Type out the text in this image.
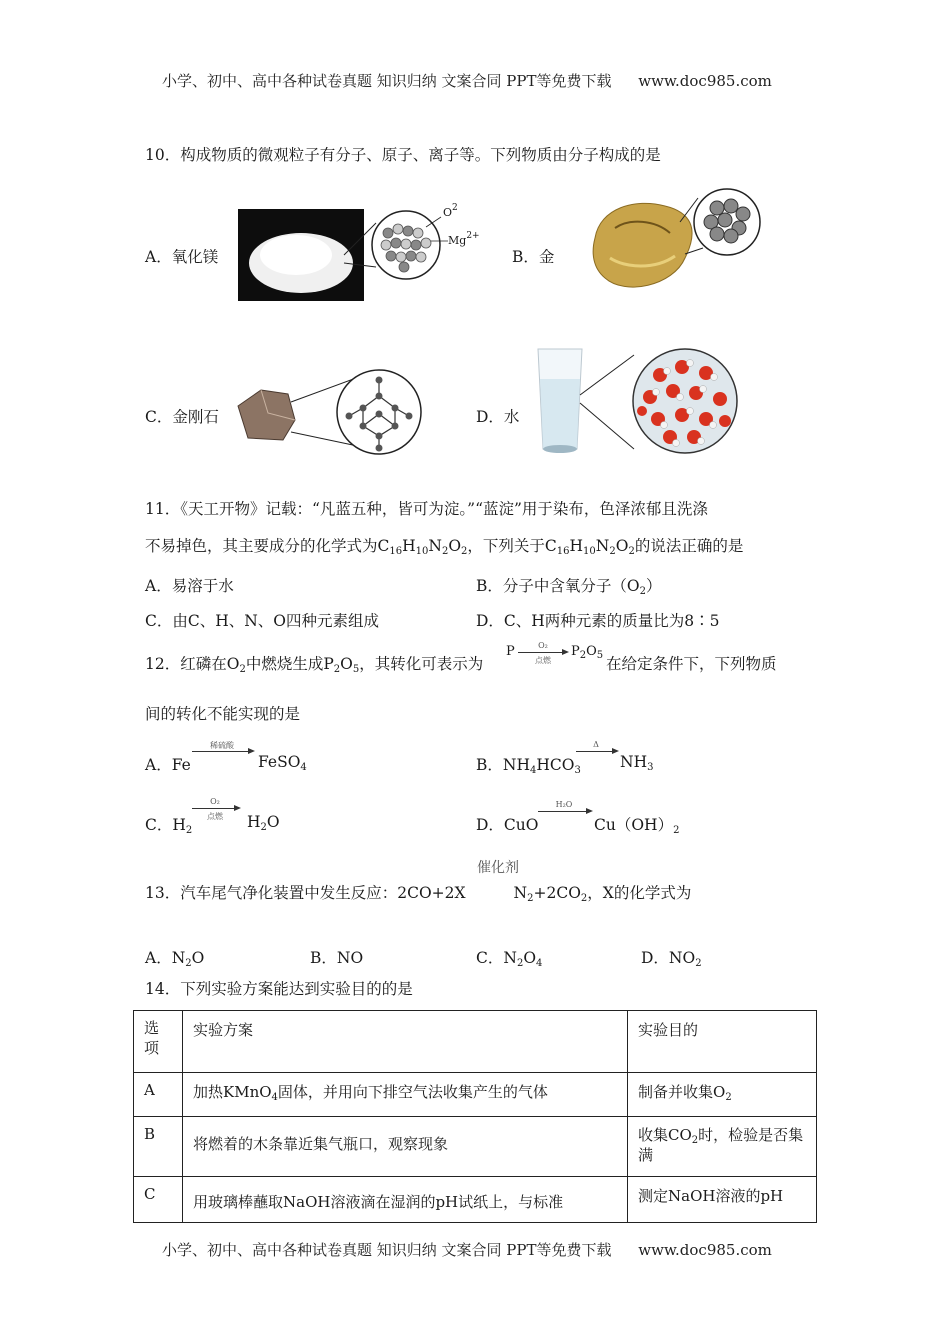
小学、初中、高中各种试卷真题 知识归纳 文案合同 PPT等免费下载 www.doc985.com
10．构成物质的微观粒子有分子、原子、离子等。下列物质由分子构成的是
A．氧化镁
$O^2$
$Mg^{2+}$
B．金
C．金刚石	D．水
11．《天工开物》记载：“凡蓝五种，皆可为淀。”“蓝淀”用于染布，色泽浓郁且洗涤
不易掉色，其主要成分的化学式为$C_{16}H_{10}N_2O_2$，下列关于$C_{16}H_{10}N_2O_2$的说法正确的是
A．易溶于水	B．分子中含氧分子$(O_2)$
C．由C、H、N、O四种元素组成	D．C、H两种元素的质量比为8∶5
12．红磷在$O_2$中燃烧生成$P_2O_5$，其转化可表示为
P	O₂
点燃
$P_2O_5$ 在给定条件下，下列物质
间的转化不能实现的是
A．Fe
稀硫酸
FeSO$_4$	B．$NH_4HCO_3$
Δ
$NH_3$
C．$H_2$
O₂
点燃	$H_2O$	D．CuO
H₂O
$Cu(OH)_2$
催化剂
13．汽车尾气净化装置中发生反应：2CO+2X	$N_2+2CO_2$，X的化学式为
A．$N_2O$	B．NO	C．$N_2O_4$	D．$NO_2$
14．下列实验方案能达到实验目的的是
选项	实验方案	实验目的
A	加热KMnO$_4$固体，并用向下排空气法收集产生的气体	制备并收集$O_2$
B	将燃着的木条靠近集气瓶口，观察现象	收集$CO_2$时，检验是否集满
C	用玻璃棒蘸取NaOH溶液滴在湿润的pH试纸上，与标准	测定NaOH溶液的pH
小学、初中、高中各种试卷真题 知识归纳 文案合同 PPT等免费下载 www.doc985.com
